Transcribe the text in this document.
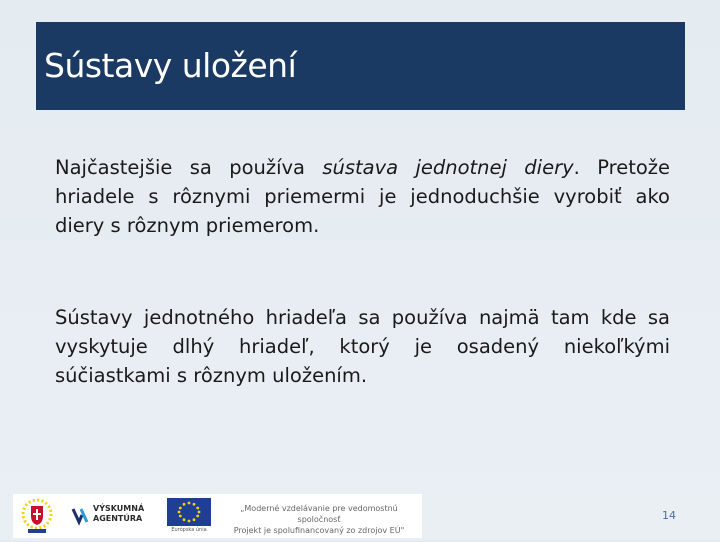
Sústavy uložení
Najčastejšie sa používa sústava jednotnej diery. Pretože hriadele s rôznymi priemermi je jednoduchšie vyrobiť ako diery s rôznym priemerom.
Sústavy jednotného hriadeľa sa používa najmä tam kde sa vyskytuje dlhý hriadeľ, ktorý je osadený niekoľkými súčiastkami s rôznym uložením.
VÝSKUMNÁ
AGENTÚRA
Európska únia
„Moderné vzdelávanie pre vedomostnú spoločnosť
Projekt je spolufinancovaný zo zdrojov EÚ"
14
